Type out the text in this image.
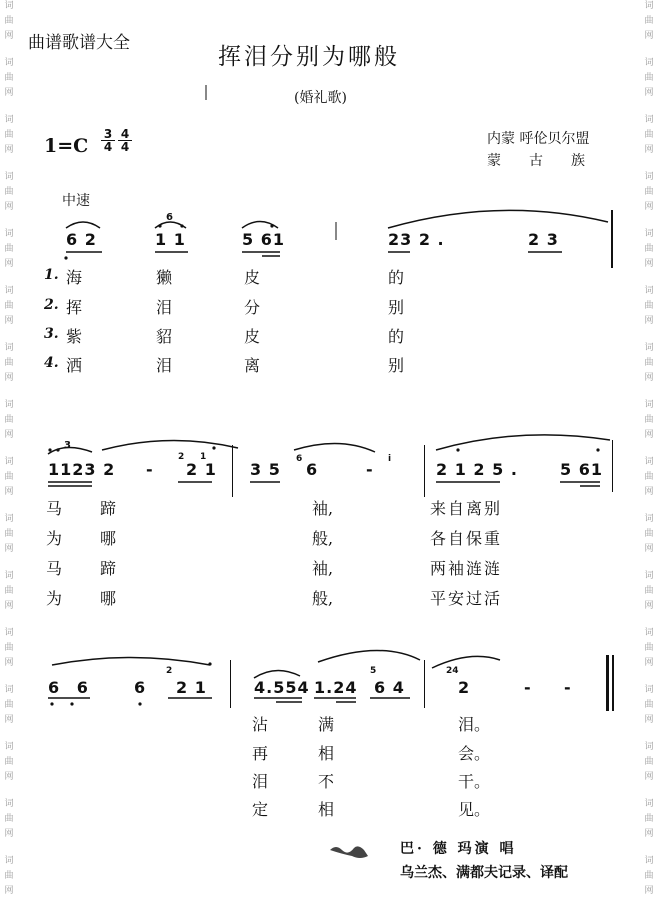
词
曲
网
词
曲
网
词
曲
网
词
曲
网
词
曲
网
词
曲
网
词
曲
网
词
曲
网
词
曲
网
词
曲
网
词
曲
网
词
曲
网
词
曲
网
词
曲
网
词
曲
网
词
曲
网
词
曲
网
词
曲
网
词
曲
网
词
曲
网
词
曲
网
词
曲
网
词
曲
网
词
曲
网
词
曲
网
词
曲
网
词
曲
网
词
曲
网
词
曲
网
词
曲
网
词
曲
网
词
曲
网
曲谱歌谱大全
挥泪分别为哪般
(婚礼歌)
$1=C \frac{3}{4} \frac{4}{4}$	内蒙 呼伦贝尔盟

蒙古族
中速
6 2	1 1
6
5 61	23 2 .	2 3
1. 海	獭	皮	的
2. 挥	泪	分	别
3. 紫	貂	皮	的
4. 洒	泪	离	别
3
1123 2 -
2 1
2 1 3 5
6
6	-
i
2 1 2 5 .	5 61
马 蹄	袖,	来自离别
为 哪	般,	各自保重
马 蹄	袖,	两袖涟涟
为 哪	般,	平安过活
6 6	6
2
2 1	4.554 1.24
5
6 4
24
2	- -
沾	满	泪。
再	相	会。
泪	不	干。
定	相	见。
巴· 德 玛演 唱
乌兰杰、满都夫记录、译配
